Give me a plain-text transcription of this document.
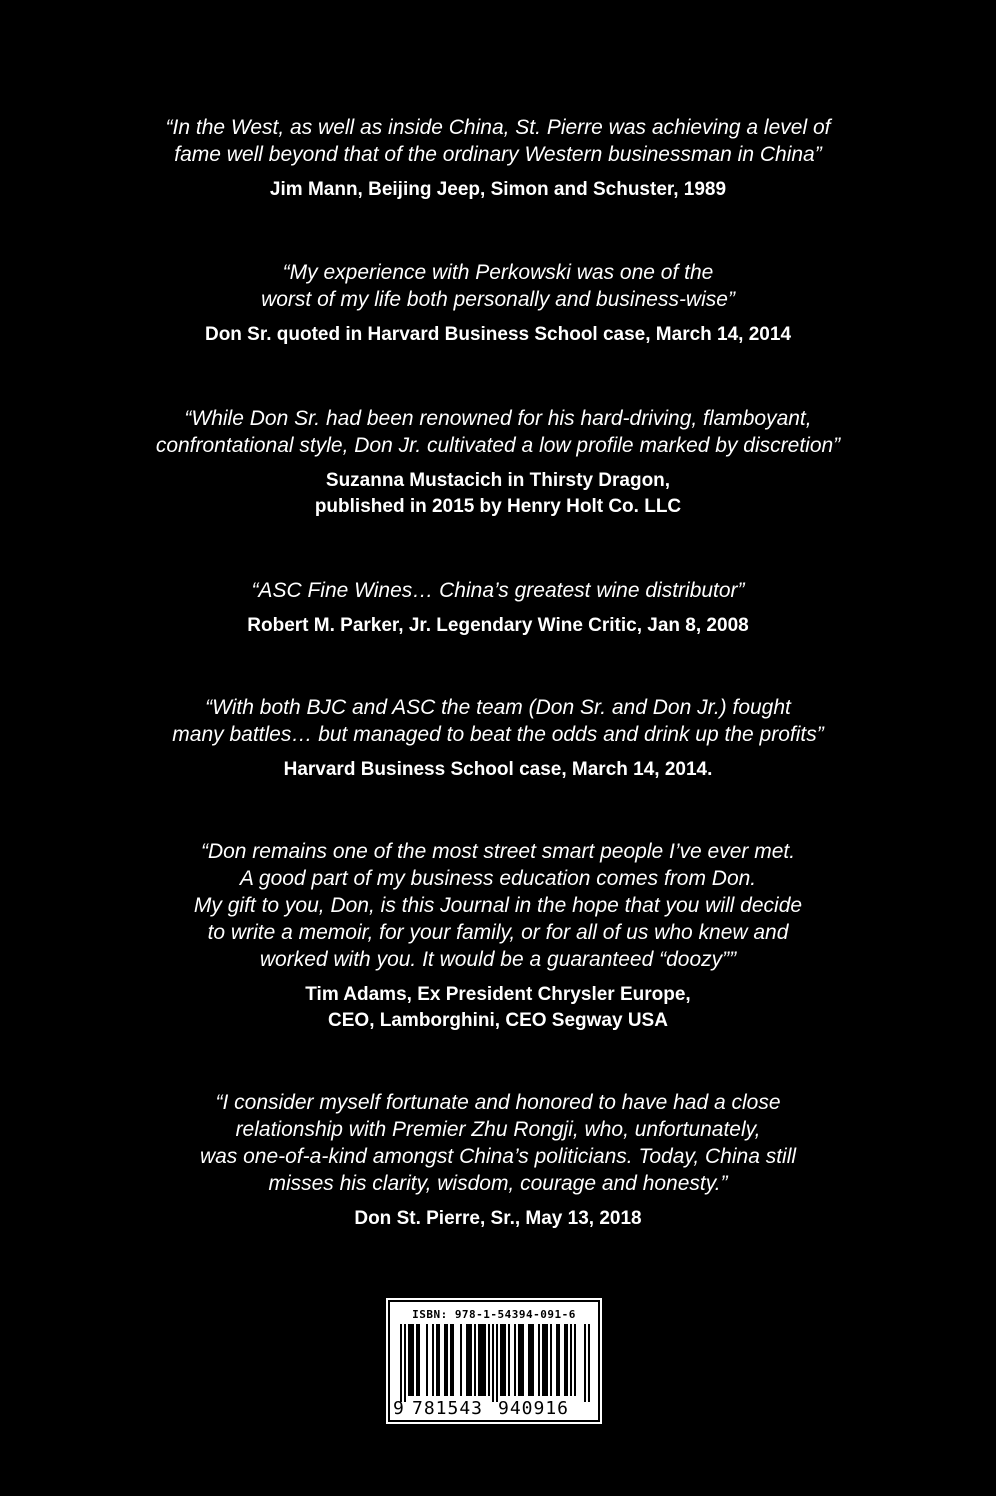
“In the West, as well as inside China, St. Pierre was achieving a level of
fame well beyond that of the ordinary Western businessman in China”
Jim Mann, Beijing Jeep, Simon and Schuster, 1989
“My experience with Perkowski was one of the
worst of my life both personally and business-wise”
Don Sr. quoted in Harvard Business School case, March 14, 2014
“While Don Sr. had been renowned for his hard-driving, flamboyant,
confrontational style, Don Jr. cultivated a low profile marked by discretion”
Suzanna Mustacich in Thirsty Dragon,
published in 2015 by Henry Holt Co. LLC
“ASC Fine Wines… China’s greatest wine distributor”
Robert M. Parker, Jr. Legendary Wine Critic, Jan 8, 2008
“With both BJC and ASC the team (Don Sr. and Don Jr.) fought
many battles… but managed to beat the odds and drink up the profits”
Harvard Business School case, March 14, 2014.
“Don remains one of the most street smart people I’ve ever met.
A good part of my business education comes from Don.
My gift to you, Don, is this Journal in the hope that you will decide
to write a memoir, for your family, or for all of us who knew and
worked with you. It would be a guaranteed “doozy””
Tim Adams, Ex President Chrysler Europe,
CEO, Lamborghini, CEO Segway USA
“I consider myself fortunate and honored to have had a close
relationship with Premier Zhu Rongji, who, unfortunately,
was one-of-a-kind amongst China’s politicians. Today, China still
misses his clarity, wisdom, courage and honesty.”
Don St. Pierre, Sr., May 13, 2018
ISBN: 978-1-54394-091-6
9 781543 940916
